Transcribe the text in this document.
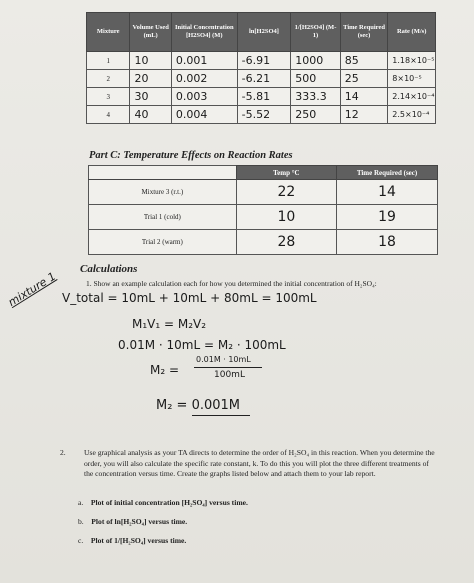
Mixture	Volume Used (mL)	Initial Concentration [H2SO4] (M)	ln[H2SO4]	1/[H2SO4] (M-1)	Time Required (sec)	Rate (M/s)
1	10	0.001	-6.91	1000	85	1.18×10⁻⁵
2	20	0.002	-6.21	500	25	8×10⁻⁵
3	30	0.003	-5.81	333.3	14	2.14×10⁻⁴
4	40	0.004	-5.52	250	12	2.5×10⁻⁴
Part C: Temperature Effects on Reaction Rates
	Temp °C	Time Required (sec)
Mixture 3 (r.t.)	22	14
Trial 1 (cold)	10	19
Trial 2 (warm)	28	18
Calculations
1. Show an example calculation each for how you determined the initial concentration of H₂SO₄:
mixture 1 V_total = 10mL + 10mL + 80mL = 100mL
M₁V₁ = M₂V₂
0.01M · 10mL = M₂ · 100mL
M₂ =
0.01M · 10mL
100mL
M₂ = 0.001M
2. Use graphical analysis as your TA directs to determine the order of H₂SO₄ in this reaction. When you determine the order, you will also calculate the specific rate constant, k. To do this you will plot the three different treatments of the concentration versus time. Create the graphs listed below and attach them to your lab report.
a. Plot of initial concentration [H₂SO₄] versus time.
b. Plot of ln[H₂SO₄] versus time.
c. Plot of 1/[H₂SO₄] versus time.
